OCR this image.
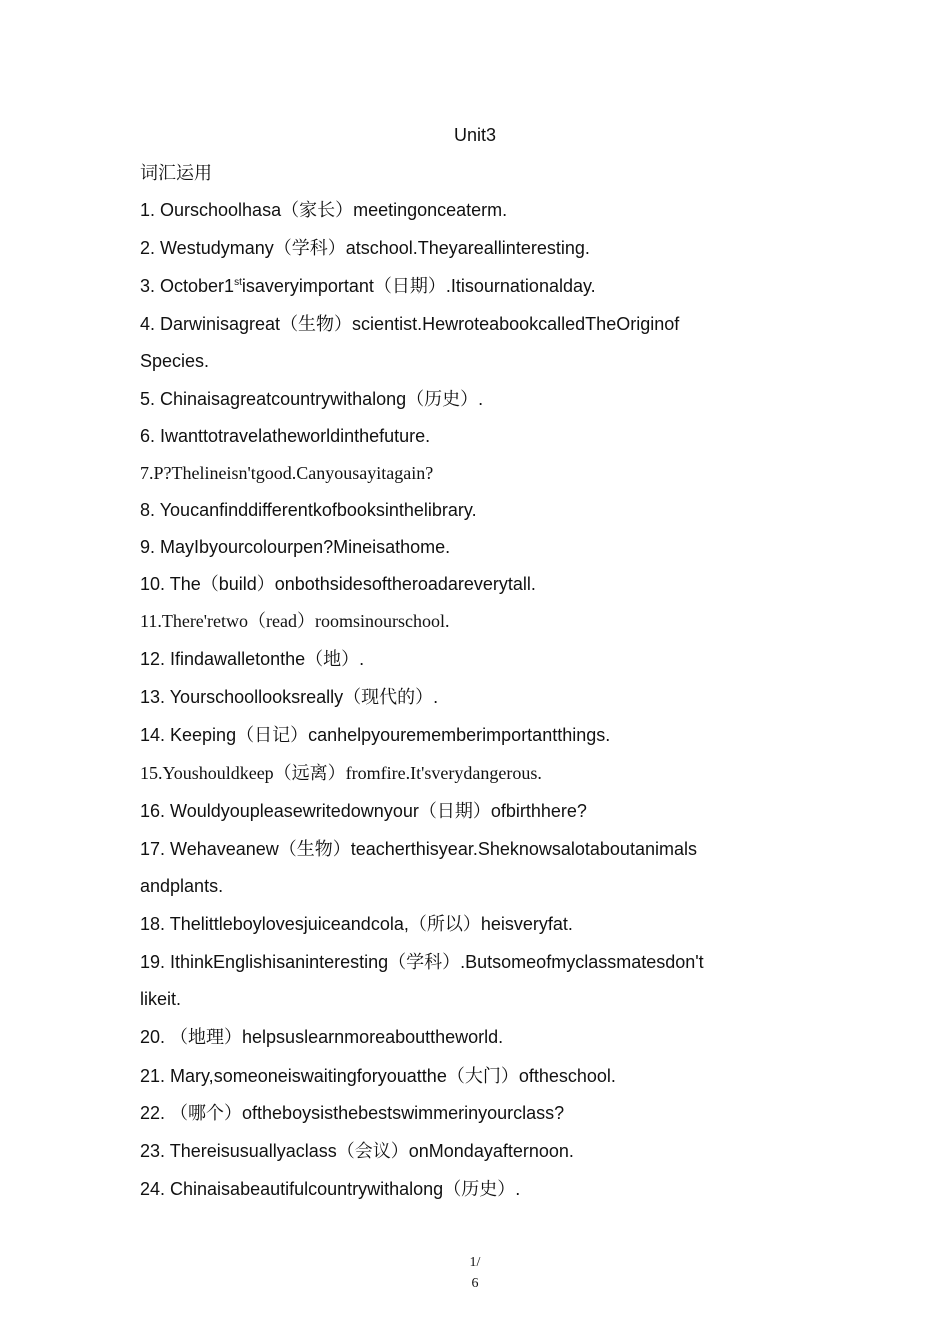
Unit3
词汇运用
1. Ourschoolhasa（家长）meetingonceaterm.
2. Westudymany（学科）atschool.Theyareallinteresting.
3. October1stisaveryimportant（日期）.Itisournationalday.
4. Darwinisagreat（生物）scientist.HewroteabookcalledTheOriginof
Species.
5. Chinaisagreatcountrywithalong（历史）.
6. Iwanttotravelatheworldinthefuture.
7.P?Thelineisn'tgood.Canyousayitagain?
8. Youcanfinddifferentkofbooksinthelibrary.
9. MayIbyourcolourpen?Mineisathome.
10. The（build）onbothsidesoftheroadareverytall.
11.There'retwo（read）roomsinourschool.
12. Ifindawalletonthe（地）.
13. Yourschoollooksreally（现代的）.
14. Keeping（日记）canhelpyourememberimportantthings.
15.Youshouldkeep（远离）fromfire.It'sverydangerous.
16. Wouldyoupleasewritedownyour（日期）ofbirthhere?
17. Wehaveanew（生物）teacherthisyear.Sheknowsalotaboutanimals
andplants.
18. Thelittleboylovesjuiceandcola,（所以）heisveryfat.
19. IthinkEnglishisaninteresting（学科）.Butsomeofmyclassmatesdon't
likeit.
20. （地理）helpsuslearnmoreabouttheworld.
21. Mary,someoneiswaitingforyouatthe（大门）oftheschool.
22. （哪个）oftheboysisthebestswimmerinyourclass?
23. Thereisusuallyaclass（会议）onMondayafternoon.
24. Chinaisabeautifulcountrywithalong（历史）.
1/
6
